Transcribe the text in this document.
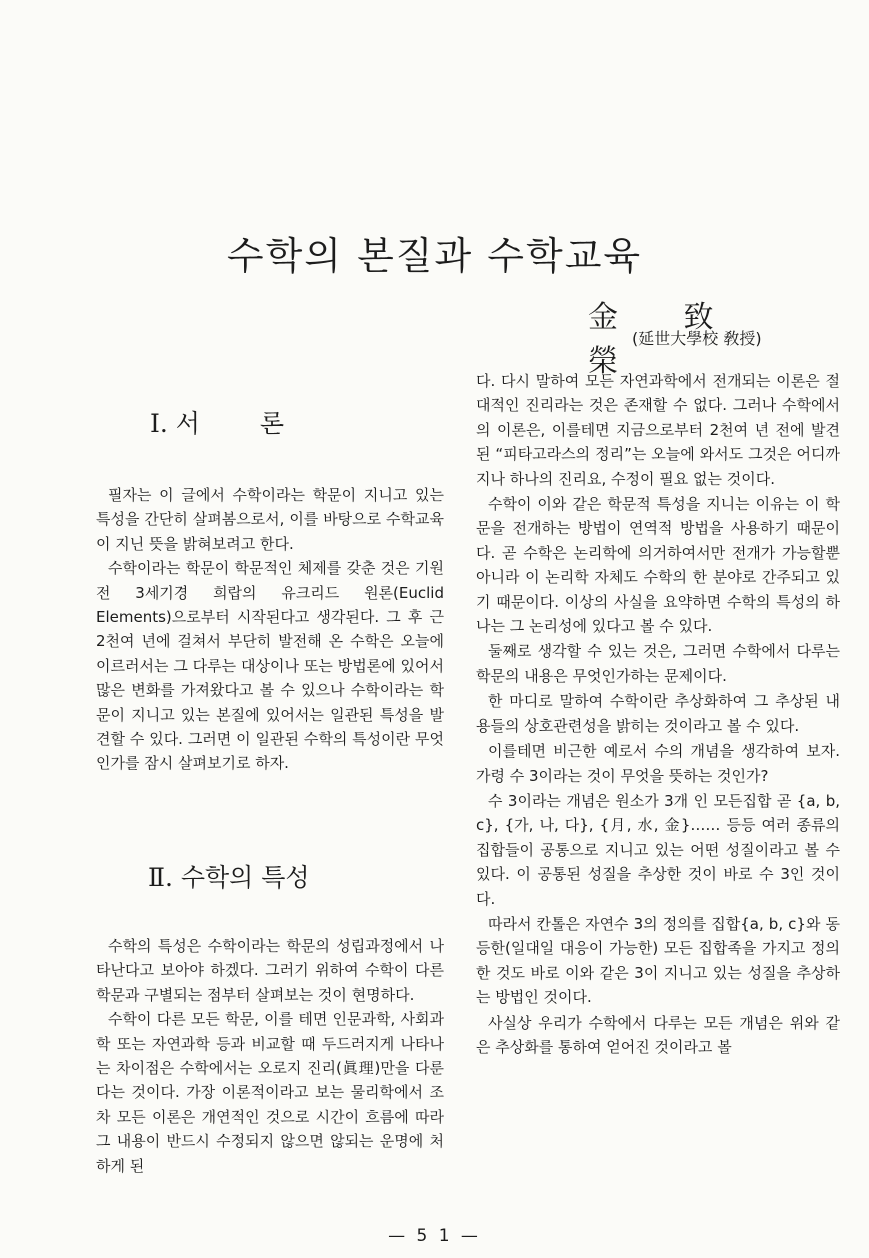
수학의 본질과 수학교육
金 致 榮
(延世大學校 敎授)
Ⅰ. 서 론

필자는 이 글에서 수학이라는 학문이 지니고 있는 특성을 간단히 살펴봄으로서, 이를 바탕으로 수학교육이 지닌 뜻을 밝혀보려고 한다.

수학이라는 학문이 학문적인 체제를 갖춘 것은 기원전 3세기경 희랍의 유크리드 원론(Euclid Elements)으로부터 시작된다고 생각된다. 그 후 근 2천여 년에 걸쳐서 부단히 발전해 온 수학은 오늘에 이르러서는 그 다루는 대상이나 또는 방법론에 있어서 많은 변화를 가져왔다고 볼 수 있으나 수학이라는 학문이 지니고 있는 본질에 있어서는 일관된 특성을 발견할 수 있다. 그러면 이 일관된 수학의 특성이란 무엇인가를 잠시 살펴보기로 하자.

Ⅱ. 수학의 특성

수학의 특성은 수학이라는 학문의 성립과정에서 나타난다고 보아야 하겠다. 그러기 위하여 수학이 다른 학문과 구별되는 점부터 살펴보는 것이 현명하다.

수학이 다른 모든 학문, 이를 테면 인문과학, 사회과학 또는 자연과학 등과 비교할 때 두드러지게 나타나는 차이점은 수학에서는 오로지 진리(眞理)만을 다룬다는 것이다. 가장 이론적이라고 보는 물리학에서 조차 모든 이론은 개연적인 것으로 시간이 흐름에 따라 그 내용이 반드시 수정되지 않으면 않되는 운명에 처하게 된

다. 다시 말하여 모든 자연과학에서 전개되는 이론은 절대적인 진리라는 것은 존재할 수 없다. 그러나 수학에서의 이론은, 이를테면 지금으로부터 2천여 년 전에 발견된 “피타고라스의 정리”는 오늘에 와서도 그것은 어디까지나 하나의 진리요, 수정이 필요 없는 것이다.

수학이 이와 같은 학문적 특성을 지니는 이유는 이 학문을 전개하는 방법이 연역적 방법을 사용하기 때문이다. 곧 수학은 논리학에 의거하여서만 전개가 가능할뿐 아니라 이 논리학 자체도 수학의 한 분야로 간주되고 있기 때문이다. 이상의 사실을 요약하면 수학의 특성의 하나는 그 논리성에 있다고 볼 수 있다.

둘째로 생각할 수 있는 것은, 그러면 수학에서 다루는 학문의 내용은 무엇인가하는 문제이다.

한 마디로 말하여 수학이란 추상화하여 그 추상된 내용들의 상호관련성을 밝히는 것이라고 볼 수 있다.

이를테면 비근한 예로서 수의 개념을 생각하여 보자. 가령 수 3이라는 것이 무엇을 뜻하는 것인가?

수 3이라는 개념은 원소가 3개 인 모든집합 곧 {a, b, c}, {가, 나, 다}, {月, 水, 金}…… 등등 여러 종류의 집합들이 공통으로 지니고 있는 어떤 성질이라고 볼 수 있다. 이 공통된 성질을 추상한 것이 바로 수 3인 것이다.

따라서 칸톨은 자연수 3의 정의를 집합{a, b, c}와 동등한(일대일 대응이 가능한) 모든 집합족을 가지고 정의한 것도 바로 이와 같은 3이 지니고 있는 성질을 추상하는 방법인 것이다.

사실상 우리가 수학에서 다루는 모든 개념은 위와 같은 추상화를 통하여 얻어진 것이라고 볼

— 5 1 —
